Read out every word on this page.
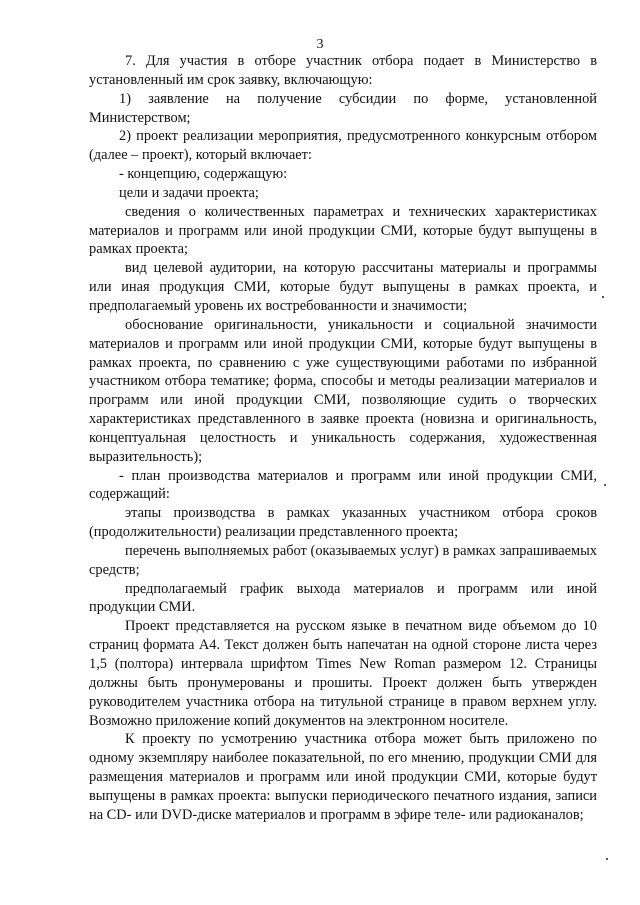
3

7. Для участия в отборе участник отбора подает в Министерство в установленный им срок заявку, включающую:

1) заявление на получение субсидии по форме, установленной Министерством;

2) проект реализации мероприятия, предусмотренного конкурсным отбором (далее – проект), который включает:

- концепцию, содержащую:

цели и задачи проекта;

сведения о количественных параметрах и технических характеристиках материалов и программ или иной продукции СМИ, которые будут выпущены в рамках проекта;

вид целевой аудитории, на которую рассчитаны материалы и программы или иная продукция СМИ, которые будут выпущены в рамках проекта, и предполагаемый уровень их востребованности и значимости;

обоснование оригинальности, уникальности и социальной значимости материалов и программ или иной продукции СМИ, которые будут выпущены в рамках проекта, по сравнению с уже существующими работами по избранной участником отбора тематике; форма, способы и методы реализации материалов и программ или иной продукции СМИ, позволяющие судить о творческих характеристиках представленного в заявке проекта (новизна и оригинальность, концептуальная целостность и уникальность содержания, художественная выразительность);

- план производства материалов и программ или иной продукции СМИ, содержащий:

этапы производства в рамках указанных участником отбора сроков (продолжительности) реализации представленного проекта;

перечень выполняемых работ (оказываемых услуг) в рамках запрашиваемых средств;

предполагаемый график выхода материалов и программ или иной продукции СМИ.

Проект представляется на русском языке в печатном виде объемом до 10 страниц формата А4. Текст должен быть напечатан на одной стороне листа через 1,5 (полтора) интервала шрифтом Times New Roman размером 12. Страницы должны быть пронумерованы и прошиты. Проект должен быть утвержден руководителем участника отбора на титульной странице в правом верхнем углу. Возможно приложение копий документов на электронном носителе.

К проекту по усмотрению участника отбора может быть приложено по одному экземпляру наиболее показательной, по его мнению, продукции СМИ для размещения материалов и программ или иной продукции СМИ, которые будут выпущены в рамках проекта: выпуски периодического печатного издания, записи на CD- или DVD-диске материалов и программ в эфире теле- или радиоканалов;
